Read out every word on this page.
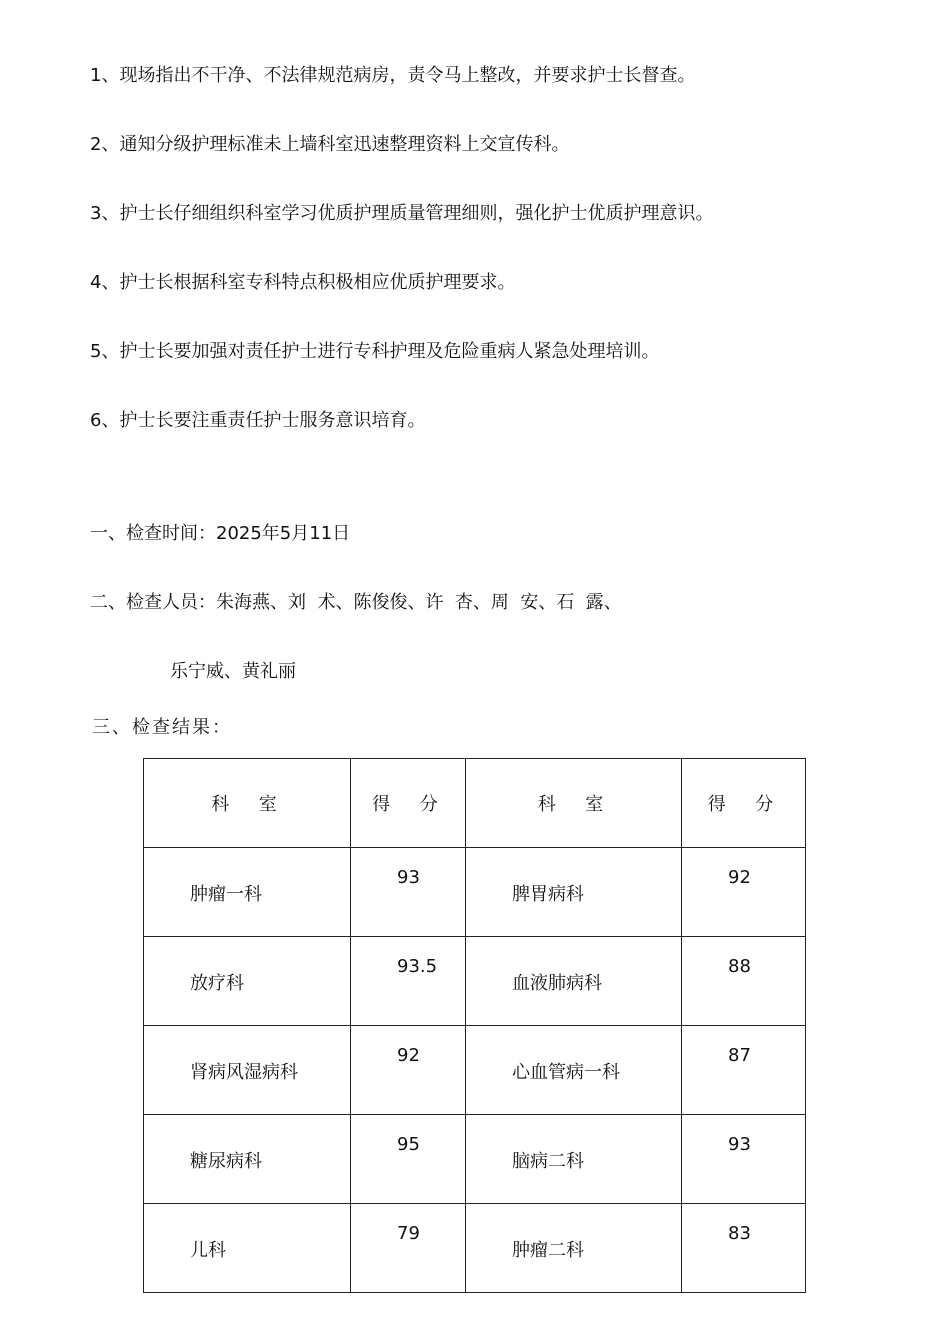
1、现场指出不干净、不法律规范病房，责令马上整改，并要求护士长督查。
2、通知分级护理标准未上墙科室迅速整理资料上交宣传科。
3、护士长仔细组织科室学习优质护理质量管理细则，强化护士优质护理意识。
4、护士长根据科室专科特点积极相应优质护理要求。
5、护士长要加强对责任护士进行专科护理及危险重病人紧急处理培训。
6、护士长要注重责任护士服务意识培育。
一、检查时间：2025年5月11日
二、检查人员：朱海燕、刘  术、陈俊俊、许  杏、周  安、石  露、
乐宁威、黄礼丽
三、检查结果：
科  室	得  分	科  室	得  分

肿瘤一科	93	脾胃病科	92

放疗科	93.5	血液肺病科	88

肾病风湿病科	92	心血管病一科	87

糖尿病科	95	脑病二科	93

儿科	79	肿瘤二科	83
